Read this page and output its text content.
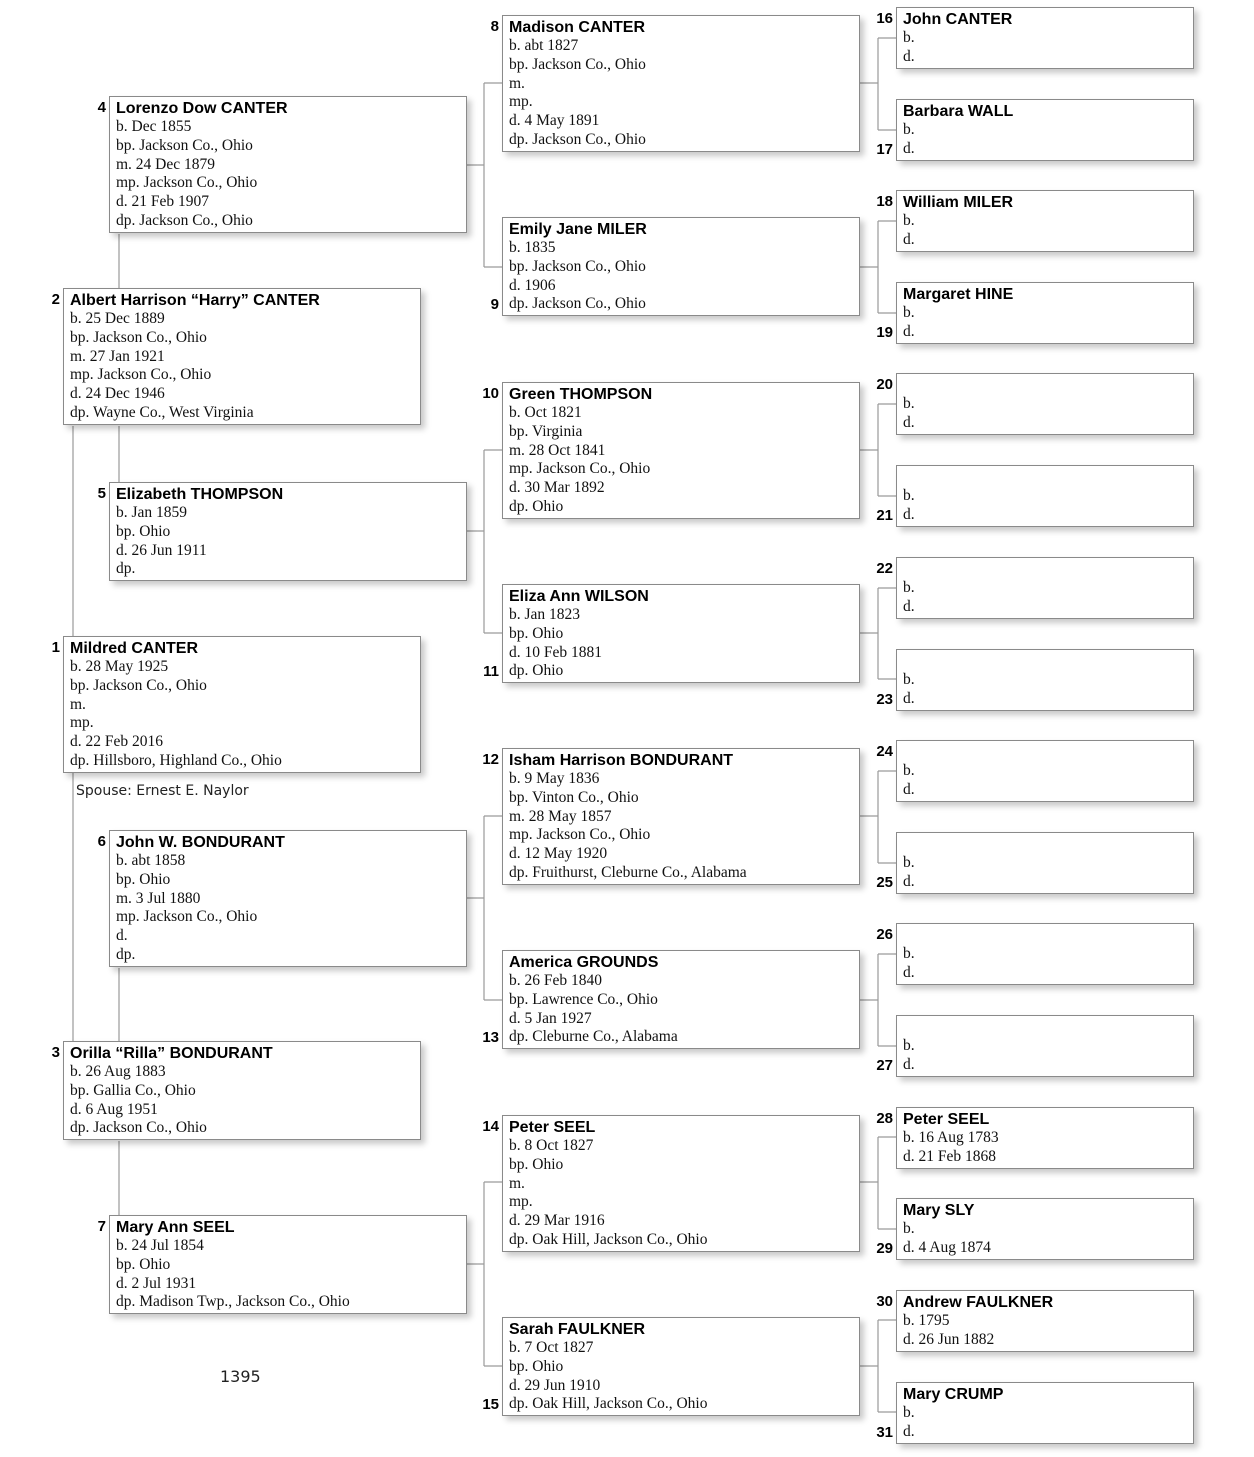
Mildred CANTER
b. 28 May 1925
bp. Jackson Co., Ohio
m.
mp.
d. 22 Feb 2016
dp. Hillsboro, Highland Co., Ohio
1
Albert Harrison “Harry” CANTER
b. 25 Dec 1889
bp. Jackson Co., Ohio
m. 27 Jan 1921
mp. Jackson Co., Ohio
d. 24 Dec 1946
dp. Wayne Co., West Virginia
2
Orilla “Rilla” BONDURANT
b. 26 Aug 1883
bp. Gallia Co., Ohio
d. 6 Aug 1951
dp. Jackson Co., Ohio
3
Lorenzo Dow CANTER
b. Dec 1855
bp. Jackson Co., Ohio
m. 24 Dec 1879
mp. Jackson Co., Ohio
d. 21 Feb 1907
dp. Jackson Co., Ohio
4
Elizabeth THOMPSON
b. Jan 1859
bp. Ohio
d. 26 Jun 1911
dp.
5
John W. BONDURANT
b. abt 1858
bp. Ohio
m. 3 Jul 1880
mp. Jackson Co., Ohio
d.
dp.
6
Mary Ann SEEL
b. 24 Jul 1854
bp. Ohio
d. 2 Jul 1931
dp. Madison Twp., Jackson Co., Ohio
7
Madison CANTER
b. abt 1827
bp. Jackson Co., Ohio
m.
mp.
d. 4 May 1891
dp. Jackson Co., Ohio
8
Emily Jane MILER
b. 1835
bp. Jackson Co., Ohio
d. 1906
dp. Jackson Co., Ohio
9
Green THOMPSON
b. Oct 1821
bp. Virginia
m. 28 Oct 1841
mp. Jackson Co., Ohio
d. 30 Mar 1892
dp. Ohio
10
Eliza Ann WILSON
b. Jan 1823
bp. Ohio
d. 10 Feb 1881
dp. Ohio
11
Isham Harrison BONDURANT
b. 9 May 1836
bp. Vinton Co., Ohio
m. 28 May 1857
mp. Jackson Co., Ohio
d. 12 May 1920
dp. Fruithurst, Cleburne Co., Alabama
12
America GROUNDS
b. 26 Feb 1840
bp. Lawrence Co., Ohio
d. 5 Jan 1927
dp. Cleburne Co., Alabama
13
Peter SEEL
b. 8 Oct 1827
bp. Ohio
m.
mp.
d. 29 Mar 1916
dp. Oak Hill, Jackson Co., Ohio
14
Sarah FAULKNER
b. 7 Oct 1827
bp. Ohio
d. 29 Jun 1910
dp. Oak Hill, Jackson Co., Ohio
15
John CANTER
b.
d.
16
Barbara WALL
b.
d.
17
William MILER
b.
d.
18
Margaret HINE
b.
d.
19
b.
d.
20
b.
d.
21
b.
d.
22
b.
d.
23
b.
d.
24
b.
d.
25
b.
d.
26
b.
d.
27
Peter SEEL
b. 16 Aug 1783
d. 21 Feb 1868
28
Mary SLY
b.
d. 4 Aug 1874
29
Andrew FAULKNER
b. 1795
d. 26 Jun 1882
30
Mary CRUMP
b.
d.
31
Spouse: Ernest E. Naylor
1395
